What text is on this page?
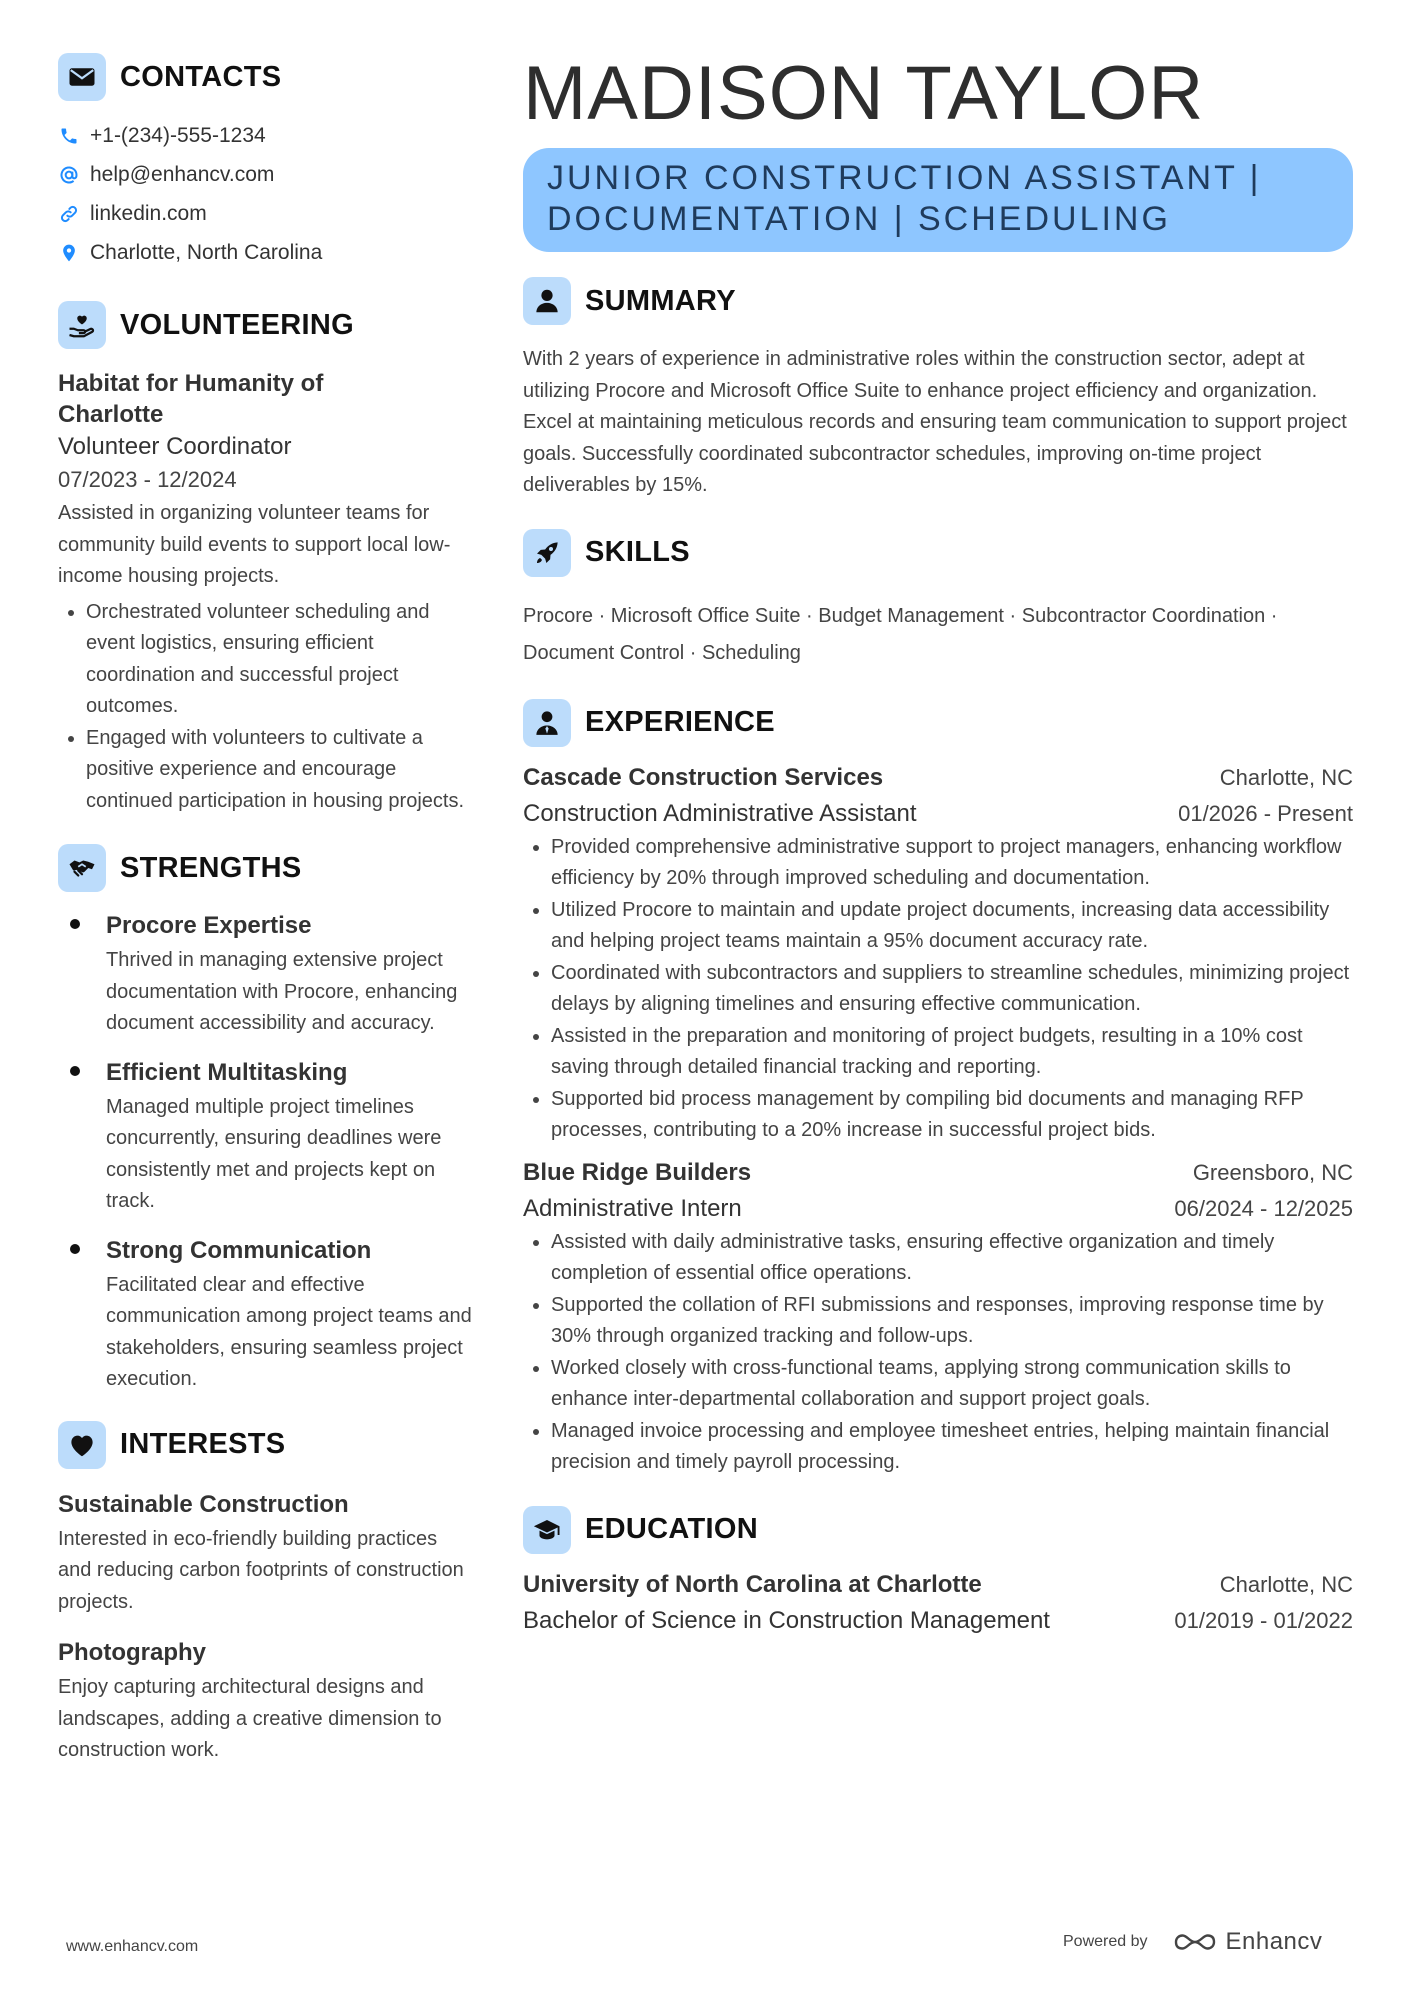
CONTACTS
+1-(234)-555-1234
help@enhancv.com
linkedin.com
Charlotte, North Carolina
VOLUNTEERING
Habitat for Humanity of Charlotte
Volunteer Coordinator
07/2023 - 12/2024
Assisted in organizing volunteer teams for community build events to support local low-income housing projects.
• Orchestrated volunteer scheduling and event logistics, ensuring efficient coordination and successful project outcomes.
• Engaged with volunteers to cultivate a positive experience and encourage continued participation in housing projects.
STRENGTHS
Procore Expertise
Thrived in managing extensive project documentation with Procore, enhancing document accessibility and accuracy.
Efficient Multitasking
Managed multiple project timelines concurrently, ensuring deadlines were consistently met and projects kept on track.
Strong Communication
Facilitated clear and effective communication among project teams and stakeholders, ensuring seamless project execution.
INTERESTS
Sustainable Construction
Interested in eco-friendly building practices and reducing carbon footprints of construction projects.
Photography
Enjoy capturing architectural designs and landscapes, adding a creative dimension to construction work.
MADISON TAYLOR
JUNIOR CONSTRUCTION ASSISTANT |
DOCUMENTATION | SCHEDULING
SUMMARY
With 2 years of experience in administrative roles within the construction sector, adept at utilizing Procore and Microsoft Office Suite to enhance project efficiency and organization. Excel at maintaining meticulous records and ensuring team communication to support project goals. Successfully coordinated subcontractor schedules, improving on-time project deliverables by 15%.
SKILLS
Procore · Microsoft Office Suite · Budget Management · Subcontractor Coordination · Document Control · Scheduling
EXPERIENCE
Cascade Construction Services	Charlotte, NC
Construction Administrative Assistant	01/2026 - Present
• Provided comprehensive administrative support to project managers, enhancing workflow efficiency by 20% through improved scheduling and documentation.
• Utilized Procore to maintain and update project documents, increasing data accessibility and helping project teams maintain a 95% document accuracy rate.
• Coordinated with subcontractors and suppliers to streamline schedules, minimizing project delays by aligning timelines and ensuring effective communication.
• Assisted in the preparation and monitoring of project budgets, resulting in a 10% cost saving through detailed financial tracking and reporting.
• Supported bid process management by compiling bid documents and managing RFP processes, contributing to a 20% increase in successful project bids.
Blue Ridge Builders	Greensboro, NC
Administrative Intern	06/2024 - 12/2025
• Assisted with daily administrative tasks, ensuring effective organization and timely completion of essential office operations.
• Supported the collation of RFI submissions and responses, improving response time by 30% through organized tracking and follow-ups.
• Worked closely with cross-functional teams, applying strong communication skills to enhance inter-departmental collaboration and support project goals.
• Managed invoice processing and employee timesheet entries, helping maintain financial precision and timely payroll processing.
EDUCATION
University of North Carolina at Charlotte	Charlotte, NC
Bachelor of Science in Construction Management	01/2019 - 01/2022
www.enhancv.com	Powered by	Enhancv
